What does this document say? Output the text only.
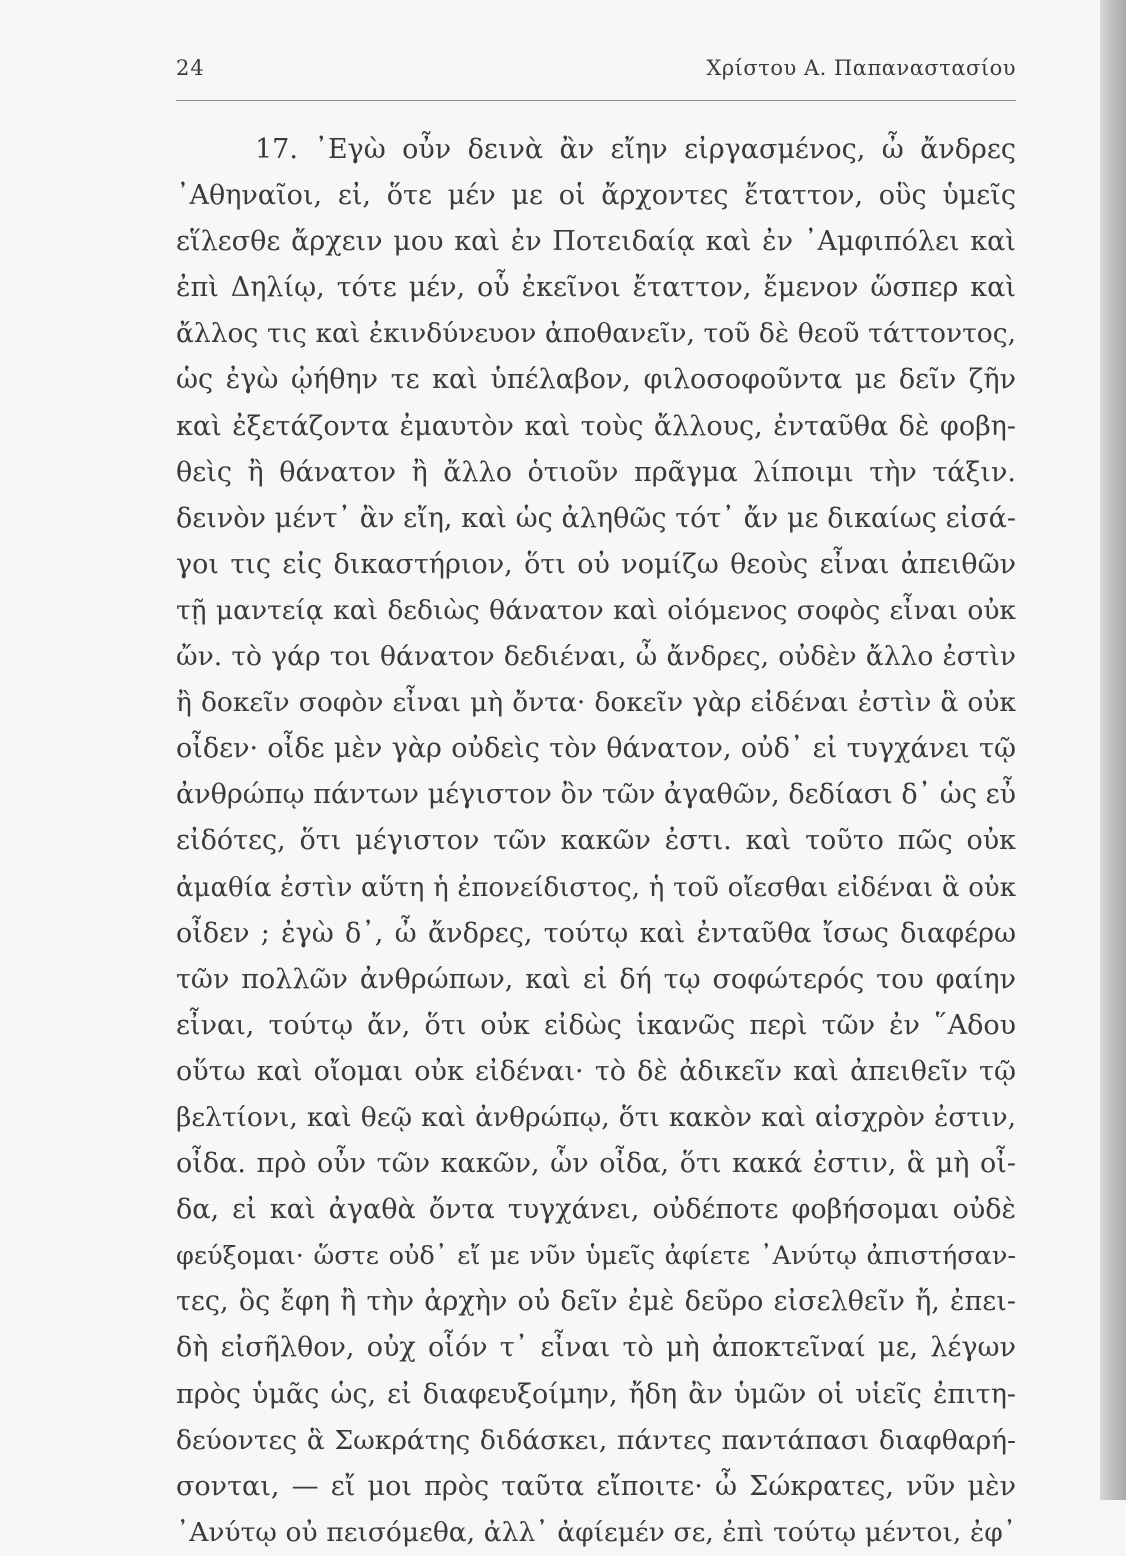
24	Χρίστου Α. Παπαναστασίου
17. ᾿Εγὼ οὖν δεινὰ ἂν εἴην εἰργασμένος, ὦ ἄνδρες
᾿Αθηναῖοι, εἰ, ὅτε μέν με οἱ ἄρχοντες ἔταττον, οὓς ὑμεῖς
εἵλεσθε ἄρχειν μου καὶ ἐν Ποτειδαίᾳ καὶ ἐν ᾿Αμφιπόλει καὶ
ἐπὶ Δηλίῳ, τότε μέν, οὗ ἐκεῖνοι ἔταττον, ἔμενον ὥσπερ καὶ
ἄλλος τις καὶ ἐκινδύνευον ἀποθανεῖν, τοῦ δὲ θεοῦ τάττοντος,
ὡς ἐγὼ ᾠήθην τε καὶ ὑπέλαβον, φιλοσοφοῦντα με δεῖν ζῆν
καὶ ἐξετάζοντα ἐμαυτὸν καὶ τοὺς ἄλλους, ἐνταῦθα δὲ φοβη-
θεὶς ἢ θάνατον ἢ ἄλλο ὁτιοῦν πρᾶγμα λίποιμι τὴν τάξιν.
δεινὸν μέντ᾿ ἂν εἴη, καὶ ὡς ἀληθῶς τότ᾿ ἄν με δικαίως εἰσά-
γοι τις εἰς δικαστήριον, ὅτι οὐ νομίζω θεοὺς εἶναι ἀπειθῶν
τῇ μαντείᾳ καὶ δεδιὼς θάνατον καὶ οἰόμενος σοφὸς εἶναι οὐκ
ὤν. τὸ γάρ τοι θάνατον δεδιέναι, ὦ ἄνδρες, οὐδὲν ἄλλο ἐστὶν
ἢ δοκεῖν σοφὸν εἶναι μὴ ὄντα· δοκεῖν γὰρ εἰδέναι ἐστὶν ἃ οὐκ
οἶδεν· οἶδε μὲν γὰρ οὐδεὶς τὸν θάνατον, οὐδ᾿ εἰ τυγχάνει τῷ
ἀνθρώπῳ πάντων μέγιστον ὂν τῶν ἀγαθῶν, δεδίασι δ᾿ ὡς εὖ
εἰδότες, ὅτι μέγιστον τῶν κακῶν ἐστι. καὶ τοῦτο πῶς οὐκ
ἀμαθία ἐστὶν αὕτη ἡ ἐπονείδιστος, ἡ τοῦ οἴεσθαι εἰδέναι ἃ οὐκ
οἶδεν ; ἐγὼ δ᾿, ὦ ἄνδρες, τούτῳ καὶ ἐνταῦθα ἴσως διαφέρω
τῶν πολλῶν ἀνθρώπων, καὶ εἰ δή τῳ σοφώτερός του φαίην
εἶναι, τούτῳ ἄν, ὅτι οὐκ εἰδὼς ἱκανῶς περὶ τῶν ἐν ῞Αδου
οὕτω καὶ οἴομαι οὐκ εἰδέναι· τὸ δὲ ἀδικεῖν καὶ ἀπειθεῖν τῷ
βελτίονι, καὶ θεῷ καὶ ἀνθρώπῳ, ὅτι κακὸν καὶ αἰσχρὸν ἐστιν,
οἶδα. πρὸ οὖν τῶν κακῶν, ὧν οἶδα, ὅτι κακά ἐστιν, ἃ μὴ οἶ-
δα, εἰ καὶ ἀγαθὰ ὄντα τυγχάνει, οὐδέποτε φοβήσομαι οὐδὲ
φεύξομαι· ὥστε οὐδ᾿ εἴ με νῦν ὑμεῖς ἀφίετε ᾿Ανύτῳ ἀπιστήσαν-
τες, ὃς ἔφη ἢ τὴν ἀρχὴν οὐ δεῖν ἐμὲ δεῦρο εἰσελθεῖν ἤ, ἐπει-
δὴ εἰσῆλθον, οὐχ οἷόν τ᾿ εἶναι τὸ μὴ ἀποκτεῖναί με, λέγων
πρὸς ὑμᾶς ὡς, εἰ διαφευξοίμην, ἤδη ἂν ὑμῶν οἱ υἱεῖς ἐπιτη-
δεύοντες ἃ Σωκράτης διδάσκει, πάντες παντάπασι διαφθαρή-
σονται, — εἴ μοι πρὸς ταῦτα εἴποιτε· ὦ Σώκρατες, νῦν μὲν
᾿Ανύτῳ οὐ πεισόμεθα, ἀλλ᾿ ἀφίεμέν σε, ἐπὶ τούτῳ μέντοι, ἐφ᾿
